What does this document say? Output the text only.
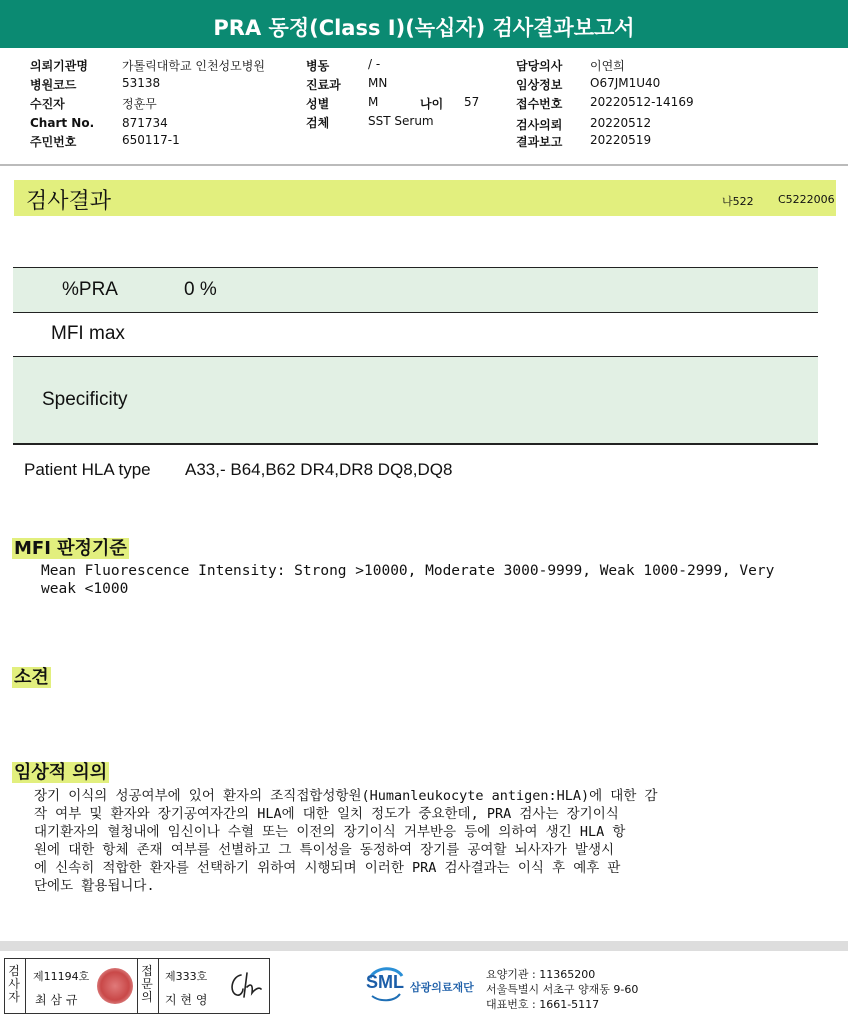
PRA 동정(Class I)(녹십자) 검사결과보고서
의뢰기관명	가톨릭대학교 인천성모병원
병원코드	53138
수진자	정훈무
Chart No. 871734
주민번호	650117-1
병동	/ -
진료과 MN
성별	M	나이 57
검체	SST Serum
담당의사 이연희
임상정보 O67JM1U40
접수번호 20220512-14169
검사의뢰 20220512
결과보고 20220519
검사결과	나522 C5222006
%PRA	0 %
MFI max
Specificity
Patient HLA type A33,- B64,B62 DR4,DR8 DQ8,DQ8
MFI 판정기준
Mean Fluorescence Intensity: Strong >10000, Moderate 3000-9999, Weak 1000-2999, Very
weak <1000
소견
임상적 의의
장기 이식의 성공여부에 있어 환자의 조직접합성항원(Humanleukocyte antigen:HLA)에 대한 감
작 여부 및 환자와 장기공여자간의 HLA에 대한 일치 정도가 중요한데, PRA 검사는 장기이식
대기환자의 혈청내에 임신이나 수혈 또는 이전의 장기이식 거부반응 등에 의하여 생긴 HLA 항
원에 대한 항체 존재 여부를 선별하고 그 특이성을 동정하여 장기를 공여할 뇌사자가 발생시
에 신속히 적합한 환자를 선택하기 위하여 시행되며 이러한 PRA 검사결과는 이식 후 예후 판
단에도 활용됩니다.
검
사
자
제11194호
최 삼 규
접
문
의
제333호
지 현 영
SML 삼광의료재단
요양기관 : 11365200
서울특별시 서초구 양재동 9-60
대표번호 : 1661-5117
